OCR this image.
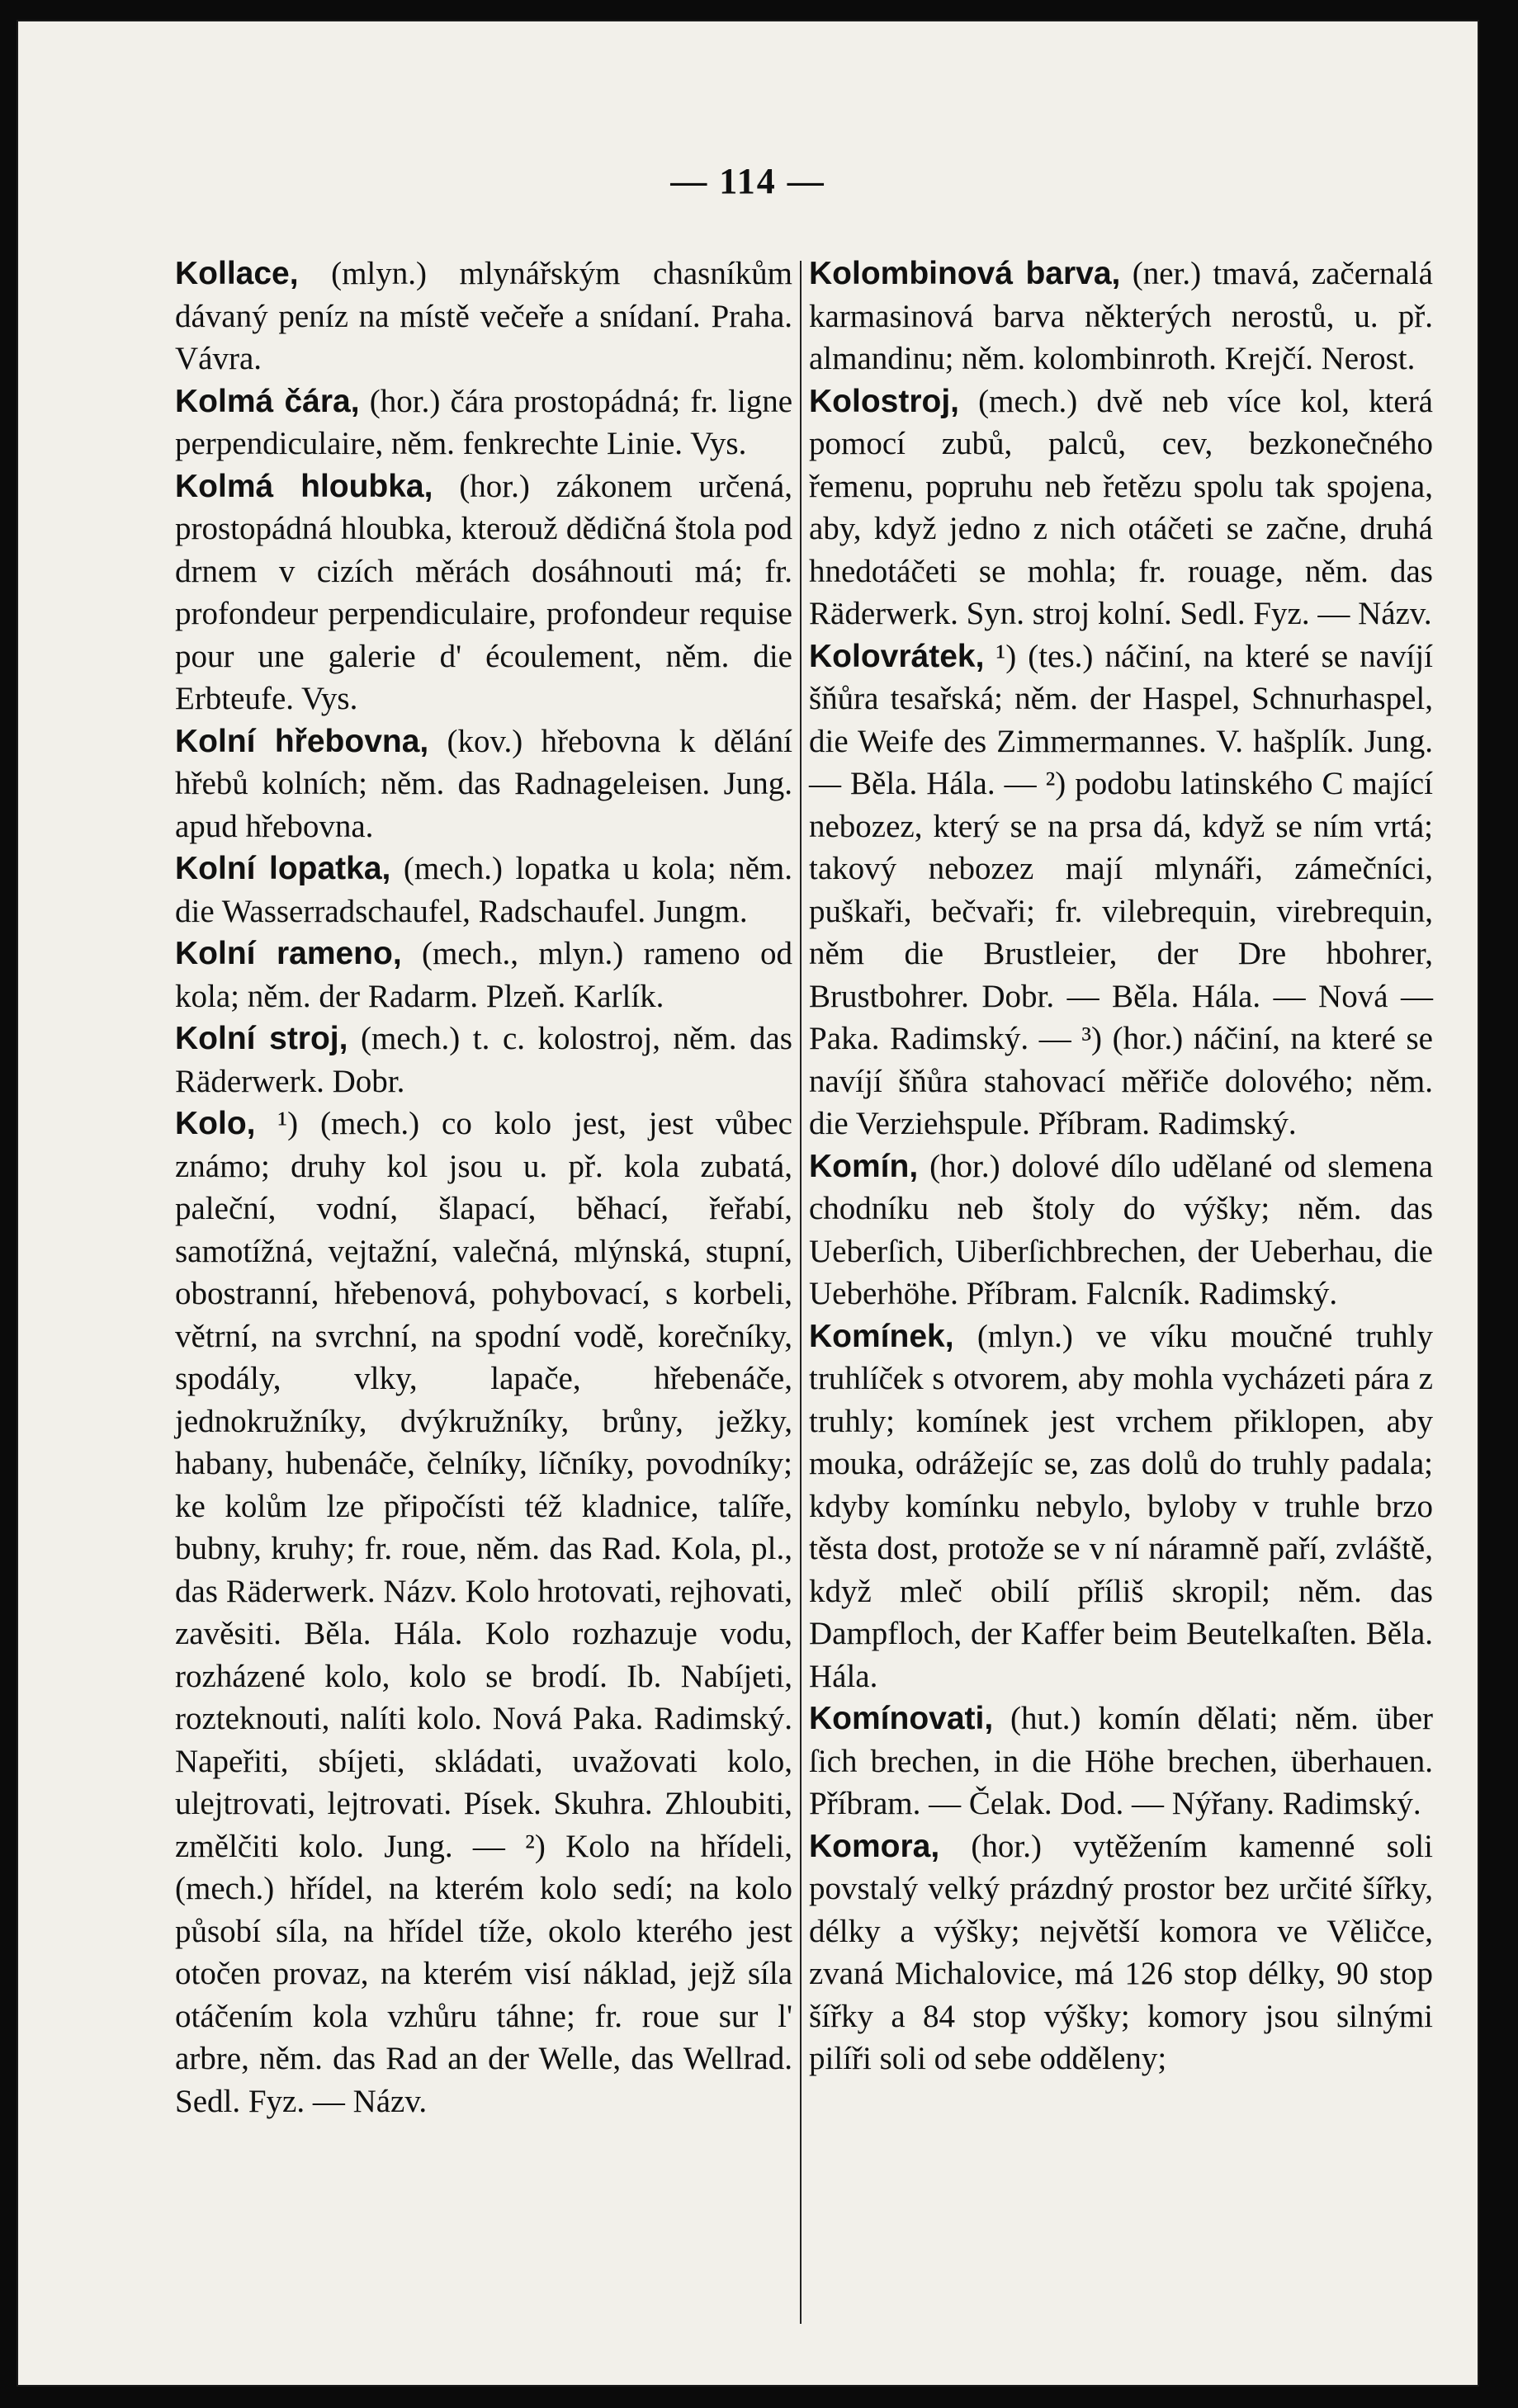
— 114 —

Kollace, (mlyn.) mlynářským chasníkům dávaný peníz na místě večeře a snídaní. Praha. Vávra.

Kolmá čára, (hor.) čára prostopádná; fr. ligne perpendiculaire, něm. fenkrechte Linie. Vys.

Kolmá hloubka, (hor.) zákonem určená, prostopádná hloubka, kterouž dědičná štola pod drnem v cizích měrách dosáhnouti má; fr. profondeur perpendiculaire, profondeur requise pour une galerie d' écoulement, něm. die Erbteufe. Vys.

Kolní hřebovna, (kov.) hřebovna k dělání hřebů kolních; něm. das Radnageleisen. Jung. apud hřebovna.

Kolní lopatka, (mech.) lopatka u kola; něm. die Wasserradschaufel, Radschaufel. Jungm.

Kolní rameno, (mech., mlyn.) rameno od kola; něm. der Radarm. Plzeň. Karlík.

Kolní stroj, (mech.) t. c. kolostroj, něm. das Räderwerk. Dobr.

Kolo, ¹) (mech.) co kolo jest, jest vůbec známo; druhy kol jsou u. př. kola zubatá, paleční, vodní, šlapací, běhací, řeřabí, samotížná, vejtažní, valečná, mlýnská, stupní, obostranní, hřebenová, pohybovací, s korbeli, větrní, na svrchní, na spodní vodě, korečníky, spodály, vlky, lapače, hřebenáče, jednokružníky, dvýkružníky, brůny, ježky, habany, hubenáče, čelníky, líčníky, povodníky; ke kolům lze připočísti též kladnice, talíře, bubny, kruhy; fr. roue, něm. das Rad. Kola, pl., das Räderwerk. Názv. Kolo hrotovati, rejhovati, zavěsiti. Běla. Hála. Kolo rozhazuje vodu, rozházené kolo, kolo se brodí. Ib. Nabíjeti, rozteknouti, nalíti kolo. Nová Paka. Radimský. Napeřiti, sbíjeti, skládati, uvažovati kolo, ulejtrovati, lejtrovati. Písek. Skuhra. Zhloubiti, změlčiti kolo. Jung. — ²) Kolo na hřídeli, (mech.) hřídel, na kterém kolo sedí; na kolo působí síla, na hřídel tíže, okolo kterého jest otočen provaz, na kterém visí náklad, jejž síla otáčením kola vzhůru táhne; fr. roue sur l' arbre, něm. das Rad an der Welle, das Wellrad. Sedl. Fyz. — Názv.

Kolombinová barva, (ner.) tmavá, začernalá karmasinová barva některých nerostů, u. př. almandinu; něm. kolombinroth. Krejčí. Nerost.

Kolostroj, (mech.) dvě neb více kol, která pomocí zubů, palců, cev, bezkonečného řemenu, popruhu neb řetězu spolu tak spojena, aby, když jedno z nich otáčeti se začne, druhá hnedotáčeti se mohla; fr. rouage, něm. das Räderwerk. Syn. stroj kolní. Sedl. Fyz. — Názv.

Kolovrátek, ¹) (tes.) náčiní, na které se navíjí šňůra tesařská; něm. der Haspel, Schnurhaspel, die Weife des Zimmermannes. V. hašplík. Jung. — Běla. Hála. — ²) podobu latinského C mající nebozez, který se na prsa dá, když se ním vrtá; takový nebozez mají mlynáři, zámečníci, puškaři, bečvaři; fr. vilebrequin, virebrequin, něm die Brustleier, der Dre hbohrer, Brustbohrer. Dobr. — Běla. Hála. — Nová — Paka. Radimský. — ³) (hor.) náčiní, na které se navíjí šňůra stahovací měřiče dolového; něm. die Verziehspule. Příbram. Radimský.

Komín, (hor.) dolové dílo udělané od slemena chodníku neb štoly do výšky; něm. das Ueberſich, Uiberſichbrechen, der Ueberhau, die Ueberhöhe. Příbram. Falcník. Radimský.

Komínek, (mlyn.) ve víku moučné truhly truhlíček s otvorem, aby mohla vycházeti pára z truhly; komínek jest vrchem přiklopen, aby mouka, odrážejíc se, zas dolů do truhly padala; kdyby komínku nebylo, byloby v truhle brzo těsta dost, protože se v ní náramně paří, zvláště, když mleč obilí příliš skropil; něm. das Dampfloch, der Kaffer beim Beutelkaſten. Běla. Hála.

Komínovati, (hut.) komín dělati; něm. über ſich brechen, in die Höhe brechen, überhauen. Příbram. — Čelak. Dod. — Nýřany. Radimský.

Komora, (hor.) vytěžením kamenné soli povstalý velký prázdný prostor bez určité šířky, délky a výšky; největší komora ve Věličce, zvaná Michalovice, má 126 stop délky, 90 stop šířky a 84 stop výšky; komory jsou silnými pilíři soli od sebe odděleny;
